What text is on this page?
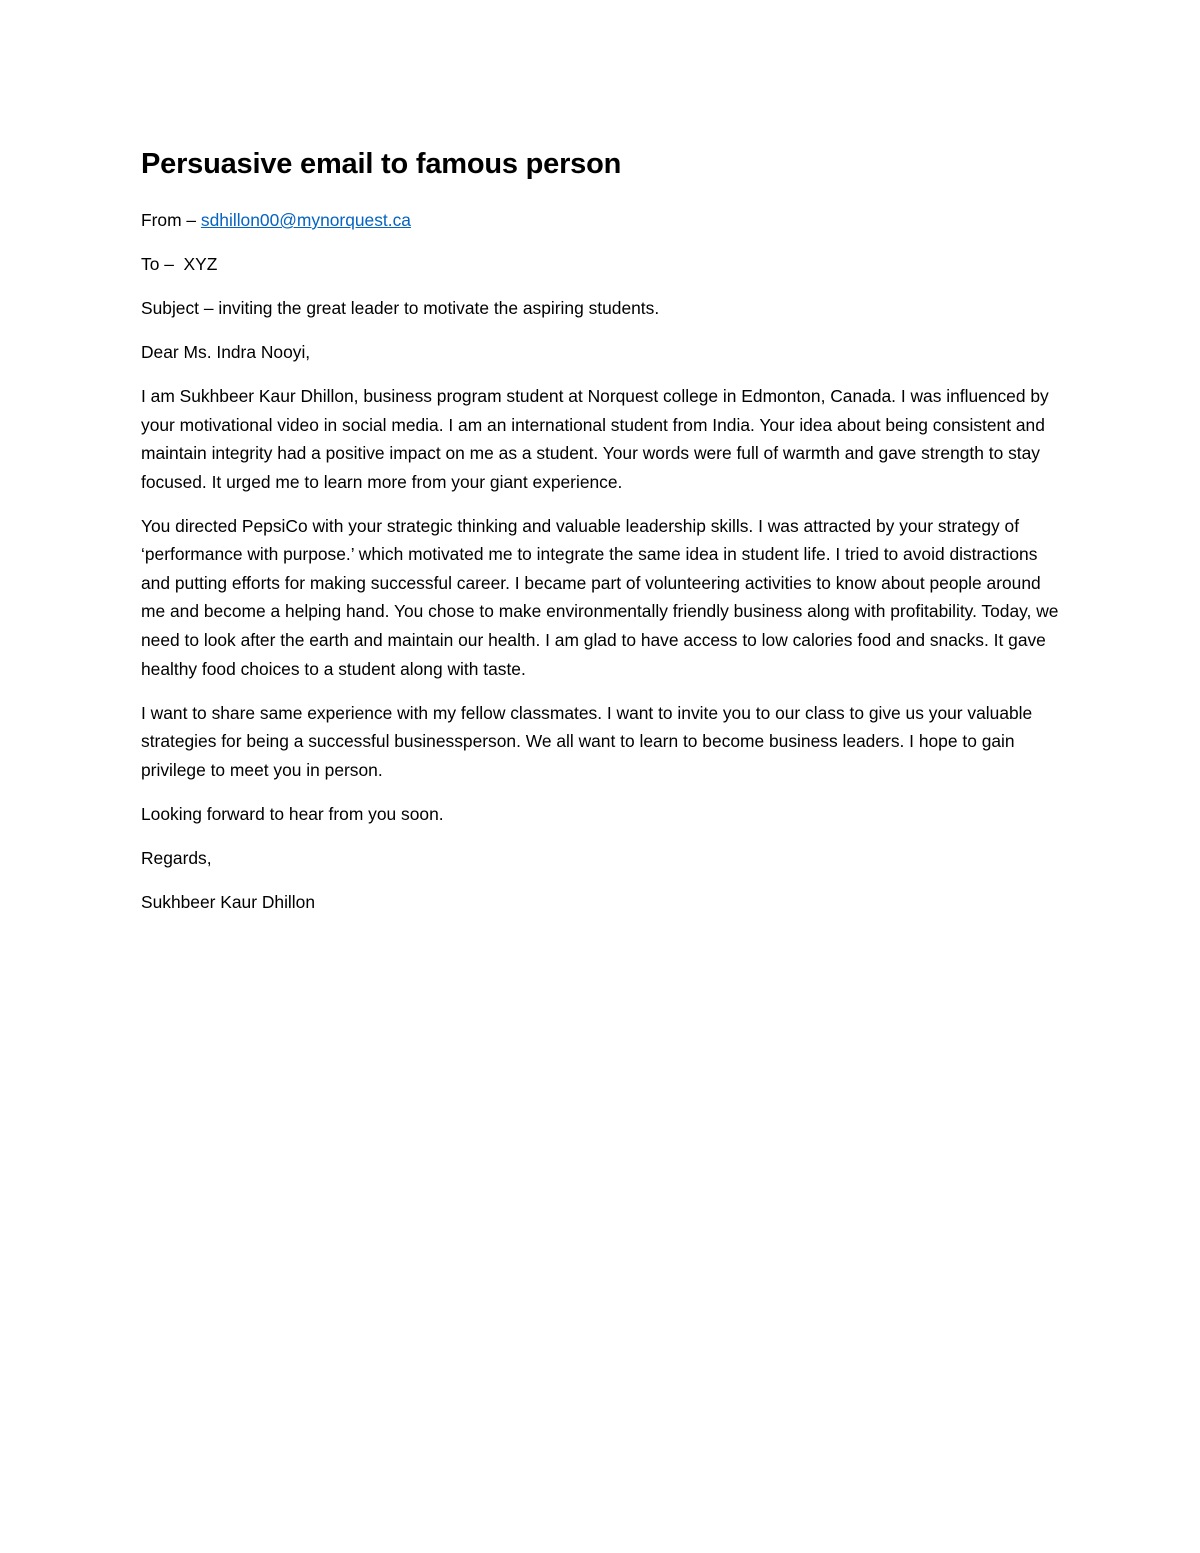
Persuasive email to famous person

From – sdhillon00@mynorquest.ca

To –  XYZ

Subject – inviting the great leader to motivate the aspiring students.

Dear Ms. Indra Nooyi,

I am Sukhbeer Kaur Dhillon, business program student at Norquest college in Edmonton, Canada. I was influenced by your motivational video in social media. I am an international student from India. Your idea about being consistent and maintain integrity had a positive impact on me as a student. Your words were full of warmth and gave strength to stay focused. It urged me to learn more from your giant experience.

You directed PepsiCo with your strategic thinking and valuable leadership skills. I was attracted by your strategy of ‘performance with purpose.’ which motivated me to integrate the same idea in student life. I tried to avoid distractions and putting efforts for making successful career. I became part of volunteering activities to know about people around me and become a helping hand. You chose to make environmentally friendly business along with profitability. Today, we need to look after the earth and maintain our health. I am glad to have access to low calories food and snacks. It gave healthy food choices to a student along with taste.

I want to share same experience with my fellow classmates. I want to invite you to our class to give us your valuable strategies for being a successful businessperson. We all want to learn to become business leaders. I hope to gain privilege to meet you in person.

Looking forward to hear from you soon.

Regards,

Sukhbeer Kaur Dhillon
